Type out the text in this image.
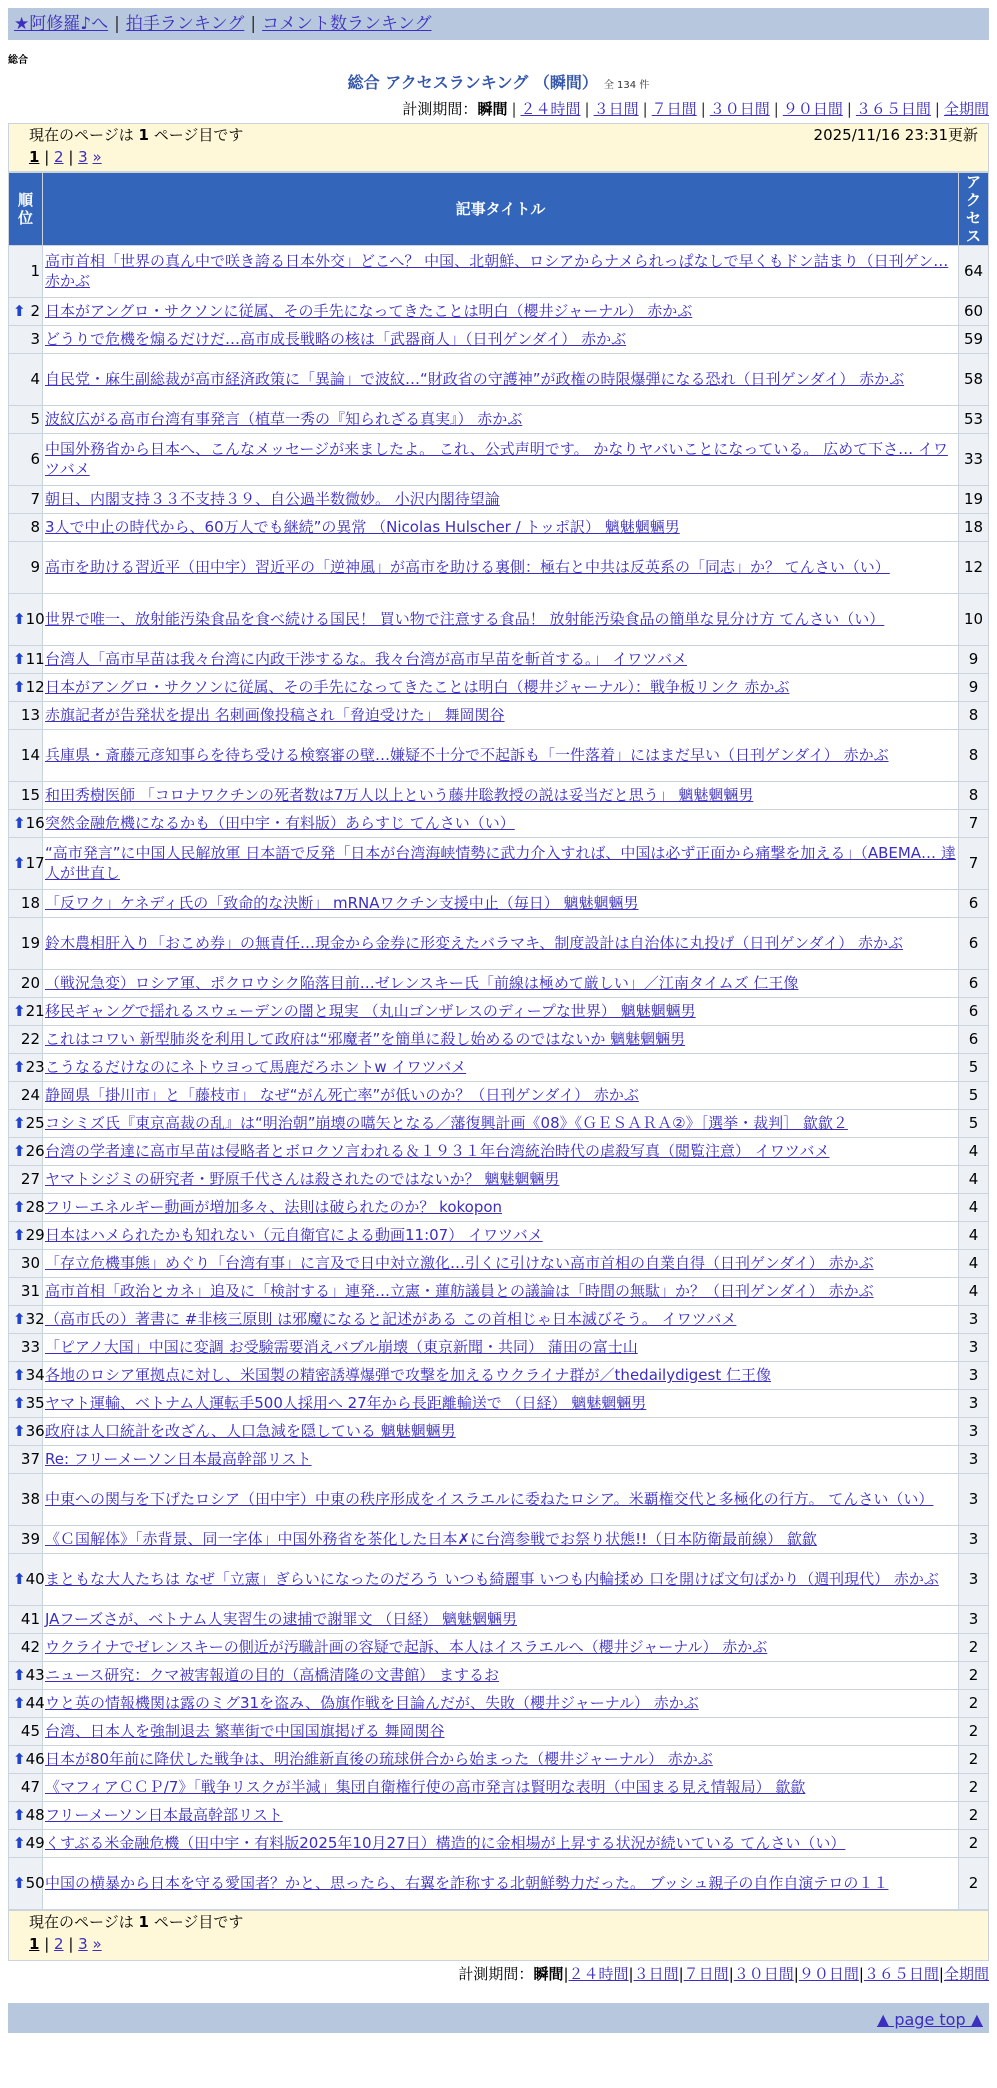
★阿修羅♪へ | 拍手ランキング | コメント数ランキング
総合
総合 アクセスランキング （瞬間） 全 134 件
計測期間：瞬間 | ２４時間 | ３日間 | ７日間 | ３０日間 | ９０日間 | ３６５日間 | 全期間
現在のページは 1 ページ目です	2025/11/16 23:31更新
1 | 2 | 3 »
順位	記事タイトル	アクセス
1	高市首相「世界の真ん中で咲き誇る日本外交」どこへ？ 中国、北朝鮮、ロシアからナメられっぱなしで早くもドン詰まり（日刊ゲン… 赤かぶ	64

⬆ 2	日本がアングロ・サクソンに従属、その手先になってきたことは明白（櫻井ジャーナル） 赤かぶ	60
3	どうりで危機を煽るだけだ…高市成長戦略の核は「武器商人」（日刊ゲンダイ） 赤かぶ	59
4	自民党・麻生副総裁が高市経済政策に「異論」で波紋…“財政省の守護神”が政権の時限爆弾になる恐れ（日刊ゲンダイ） 赤かぶ	58
5	波紋広がる高市台湾有事発言（植草一秀の『知られざる真実』） 赤かぶ	53
6	中国外務省から日本へ、こんなメッセージが来ましたよ。 これ、公式声明です。 かなりヤバいことになっている。 広めて下さ… イワツバメ	33
7	朝日、内閣支持３３不支持３９、自公過半数微妙。 小沢内閣待望論	19
8	3人で中止の時代から、60万人でも継続”の異常 （Nicolas Hulscher / トッポ訳） 魑魅魍魎男	18
9	高市を助ける習近平（田中宇）習近平の「逆神風」が高市を助ける裏側：極右と中共は反英系の「同志」か？ てんさい（い）	12

⬆ 10	世界で唯一、放射能汚染食品を食べ続ける国民！ 買い物で注意する食品！ 放射能汚染食品の簡単な見分け方 てんさい（い）	10

⬆ 11	台湾人「高市早苗は我々台湾に内政干渉するな。我々台湾が高市早苗を斬首する。」 イワツバメ	9

⬆ 12	日本がアングロ・サクソンに従属、その手先になってきたことは明白（櫻井ジャーナル）：戦争板リンク 赤かぶ	9
13	赤旗記者が告発状を提出 名刺画像投稿され「脅迫受けた」 舞岡関谷	8
14	兵庫県・斎藤元彦知事らを待ち受ける検察審の壁…嫌疑不十分で不起訴も「一件落着」にはまだ早い（日刊ゲンダイ） 赤かぶ	8
15	和田秀樹医師 「コロナワクチンの死者数は7万人以上という藤井聡教授の説は妥当だと思う」 魑魅魍魎男	8

⬆ 16	突然金融危機になるかも（田中宇・有料版）あらすじ てんさい（い）	7

⬆ 17	“高市発言”に中国人民解放軍 日本語で反発「日本が台湾海峡情勢に武力介入すれば、中国は必ず正面から痛撃を加える」（ABEMA… 達人が世直し	7
18	「反ワク」ケネディ氏の「致命的な決断」 mRNAワクチン支援中止（毎日） 魑魅魍魎男	6
19	鈴木農相肝入り「おこめ券」の無責任…現金から金券に形変えたバラマキ、制度設計は自治体に丸投げ（日刊ゲンダイ） 赤かぶ	6
20	（戦況急変）ロシア軍、ポクロウシク陥落目前…ゼレンスキー氏「前線は極めて厳しい」／江南タイムズ 仁王像	6

⬆ 21	移民ギャングで揺れるスウェーデンの闇と現実 （丸山ゴンザレスのディープな世界） 魑魅魍魎男	6
22	これはコワい 新型肺炎を利用して政府は“邪魔者”を簡単に殺し始めるのではないか 魑魅魍魎男	6

⬆ 23	こうなるだけなのにネトウヨって馬鹿だろホントw イワツバメ	5
24	静岡県「掛川市」と「藤枝市」 なぜ“がん死亡率”が低いのか？（日刊ゲンダイ） 赤かぶ	5

⬆ 25	コシミズ氏『東京高裁の乱』は“明治朝”崩壊の嚆矢となる／藩復興計画《08》《ＧＥＳＡＲＡ②》［選挙・裁判］ 歙歙２	5

⬆ 26	台湾の学者達に高市早苗は侵略者とボロクソ言われる＆１９３１年台湾統治時代の虐殺写真（閲覧注意） イワツバメ	4
27	ヤマトシジミの研究者・野原千代さんは殺されたのではないか？ 魑魅魍魎男	4

⬆ 28	フリーエネルギー動画が増加多々、法則は破られたのか？ kokopon	4

⬆ 29	日本はハメられたかも知れない（元自衛官による動画11:07） イワツバメ	4
30	「存立危機事態」めぐり「台湾有事」に言及で日中対立激化…引くに引けない高市首相の自業自得（日刊ゲンダイ） 赤かぶ	4
31	高市首相「政治とカネ」追及に「検討する」連発…立憲・蓮舫議員との議論は「時間の無駄」か？（日刊ゲンダイ） 赤かぶ	4

⬆ 32	（高市氏の）著書に #非核三原則 は邪魔になると記述がある この首相じゃ日本滅びそう。 イワツバメ	3
33	「ピアノ大国」中国に変調 お受験需要消えバブル崩壊（東京新聞・共同） 蒲田の富士山	3

⬆ 34	各地のロシア軍拠点に対し、米国製の精密誘導爆弾で攻撃を加えるウクライナ群が／thedailydigest 仁王像	3

⬆ 35	ヤマト運輸、ベトナム人運転手500人採用へ 27年から長距離輸送で （日経） 魑魅魍魎男	3

⬆ 36	政府は人口統計を改ざん、人口急減を隠している 魑魅魍魎男	3
37	Re: フリーメーソン日本最高幹部リスト	3
38	中東への関与を下げたロシア（田中宇）中東の秩序形成をイスラエルに委ねたロシア。米覇権交代と多極化の行方。 てんさい（い）	3
39	《Ｃ国解体》「赤背景、同一字体」中国外務省を茶化した日本✗に台湾参戦でお祭り状態!!（日本防衛最前線） 歙歙	3

⬆ 40	まともな大人たちは なぜ「立憲」ぎらいになったのだろう いつも綺麗事 いつも内輪揉め 口を開けば文句ばかり（週刊現代） 赤かぶ	3
41	JAフーズさが、ベトナム人実習生の逮捕で謝罪文 （日経） 魑魅魍魎男	3
42	ウクライナでゼレンスキーの側近が汚職計画の容疑で起訴、本人はイスラエルへ（櫻井ジャーナル） 赤かぶ	2

⬆ 43	ニュース研究：クマ被害報道の目的（高橋清隆の文書館） まするお	2

⬆ 44	ウと英の情報機関は露のミグ31を盗み、偽旗作戦を目論んだが、失敗（櫻井ジャーナル） 赤かぶ	2
45	台湾、日本人を強制退去 繁華街で中国国旗掲げる 舞岡関谷	2

⬆ 46	日本が80年前に降伏した戦争は、明治維新直後の琉球併合から始まった（櫻井ジャーナル） 赤かぶ	2
47	《マフィアＣＣＰ/7》「戦争リスクが半減」集団自衛権行使の高市発言は賢明な表明（中国まる見え情報局） 歙歙	2

⬆ 48	フリーメーソン日本最高幹部リスト	2

⬆ 49	くすぶる米金融危機（田中宇・有料版2025年10月27日）構造的に金相場が上昇する状況が続いている てんさい（い）	2

⬆ 50	中国の横暴から日本を守る愛国者？かと、思ったら、右翼を詐称する北朝鮮勢力だった。 ブッシュ親子の自作自演テロの１１	2
現在のページは 1 ページ目です
1 | 2 | 3 »
計測期間：瞬間|２４時間|３日間|７日間|３０日間|９０日間|３６５日間|全期間
▲ page top ▲
